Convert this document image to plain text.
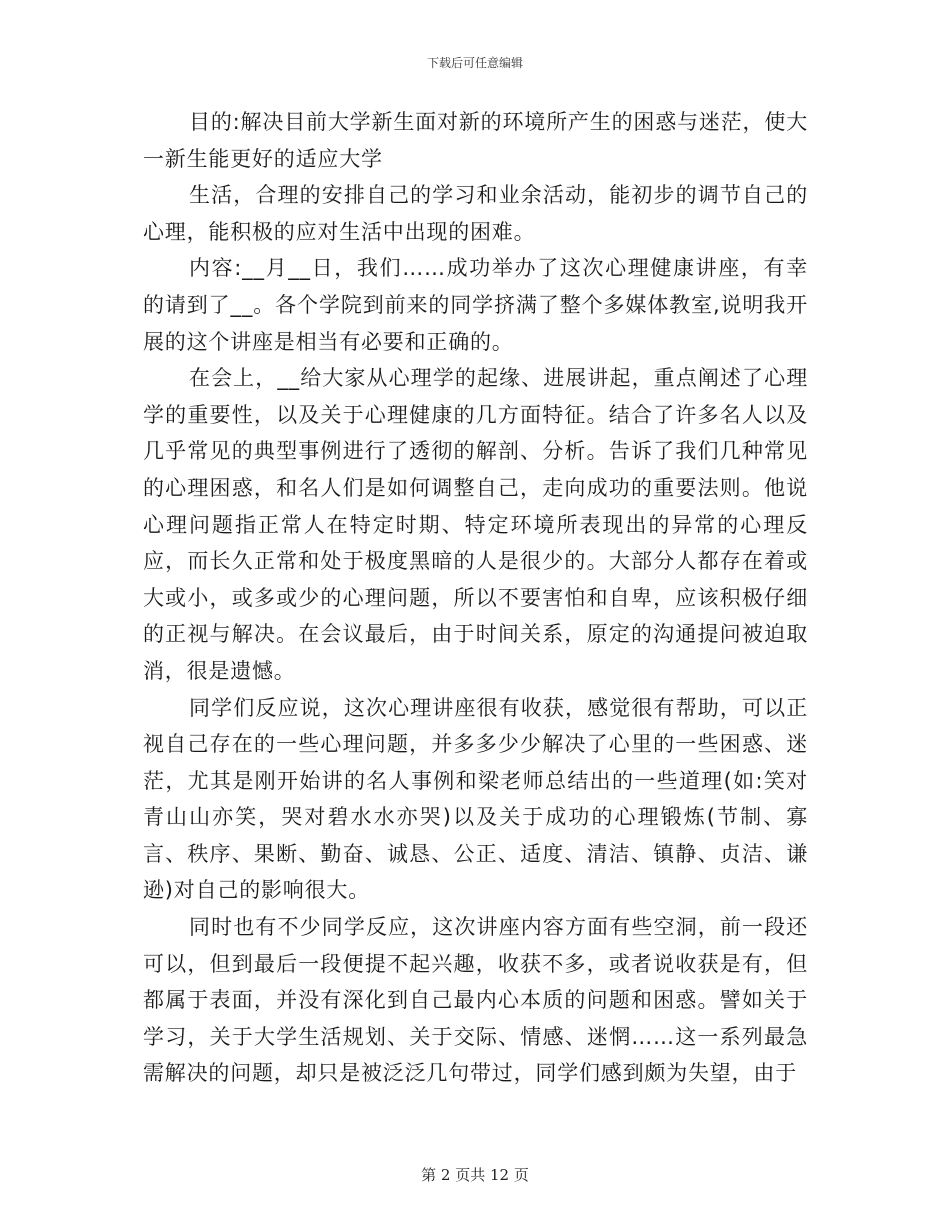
下载后可任意编辑

目的:解决目前大学新生面对新的环境所产生的困惑与迷茫，使大一新生能更好的适应大学

生活，合理的安排自己的学习和业余活动，能初步的调节自己的心理，能积极的应对生活中出现的困难。

内容:__月__日，我们……成功举办了这次心理健康讲座，有幸的请到了__。各个学院到前来的同学挤满了整个多媒体教室,说明我开展的这个讲座是相当有必要和正确的。

在会上，__给大家从心理学的起缘、进展讲起，重点阐述了心理学的重要性，以及关于心理健康的几方面特征。结合了许多名人以及几乎常见的典型事例进行了透彻的解剖、分析。告诉了我们几种常见的心理困惑，和名人们是如何调整自己，走向成功的重要法则。他说心理问题指正常人在特定时期、特定环境所表现出的异常的心理反应，而长久正常和处于极度黑暗的人是很少的。大部分人都存在着或大或小，或多或少的心理问题，所以不要害怕和自卑，应该积极仔细的正视与解决。在会议最后，由于时间关系，原定的沟通提问被迫取消，很是遗憾。

同学们反应说，这次心理讲座很有收获，感觉很有帮助，可以正视自己存在的一些心理问题，并多多少少解决了心里的一些困惑、迷茫，尤其是刚开始讲的名人事例和梁老师总结出的一些道理(如:笑对青山山亦笑，哭对碧水水亦哭)以及关于成功的心理锻炼(节制、寡言、秩序、果断、勤奋、诚恳、公正、适度、清洁、镇静、贞洁、谦逊)对自己的影响很大。

同时也有不少同学反应，这次讲座内容方面有些空洞，前一段还可以，但到最后一段便提不起兴趣，收获不多，或者说收获是有，但都属于表面，并没有深化到自己最内心本质的问题和困惑。譬如关于学习，关于大学生活规划、关于交际、情感、迷惘……这一系列最急需解决的问题，却只是被泛泛几句带过，同学们感到颇为失望，由于

第 2 页共 12 页
